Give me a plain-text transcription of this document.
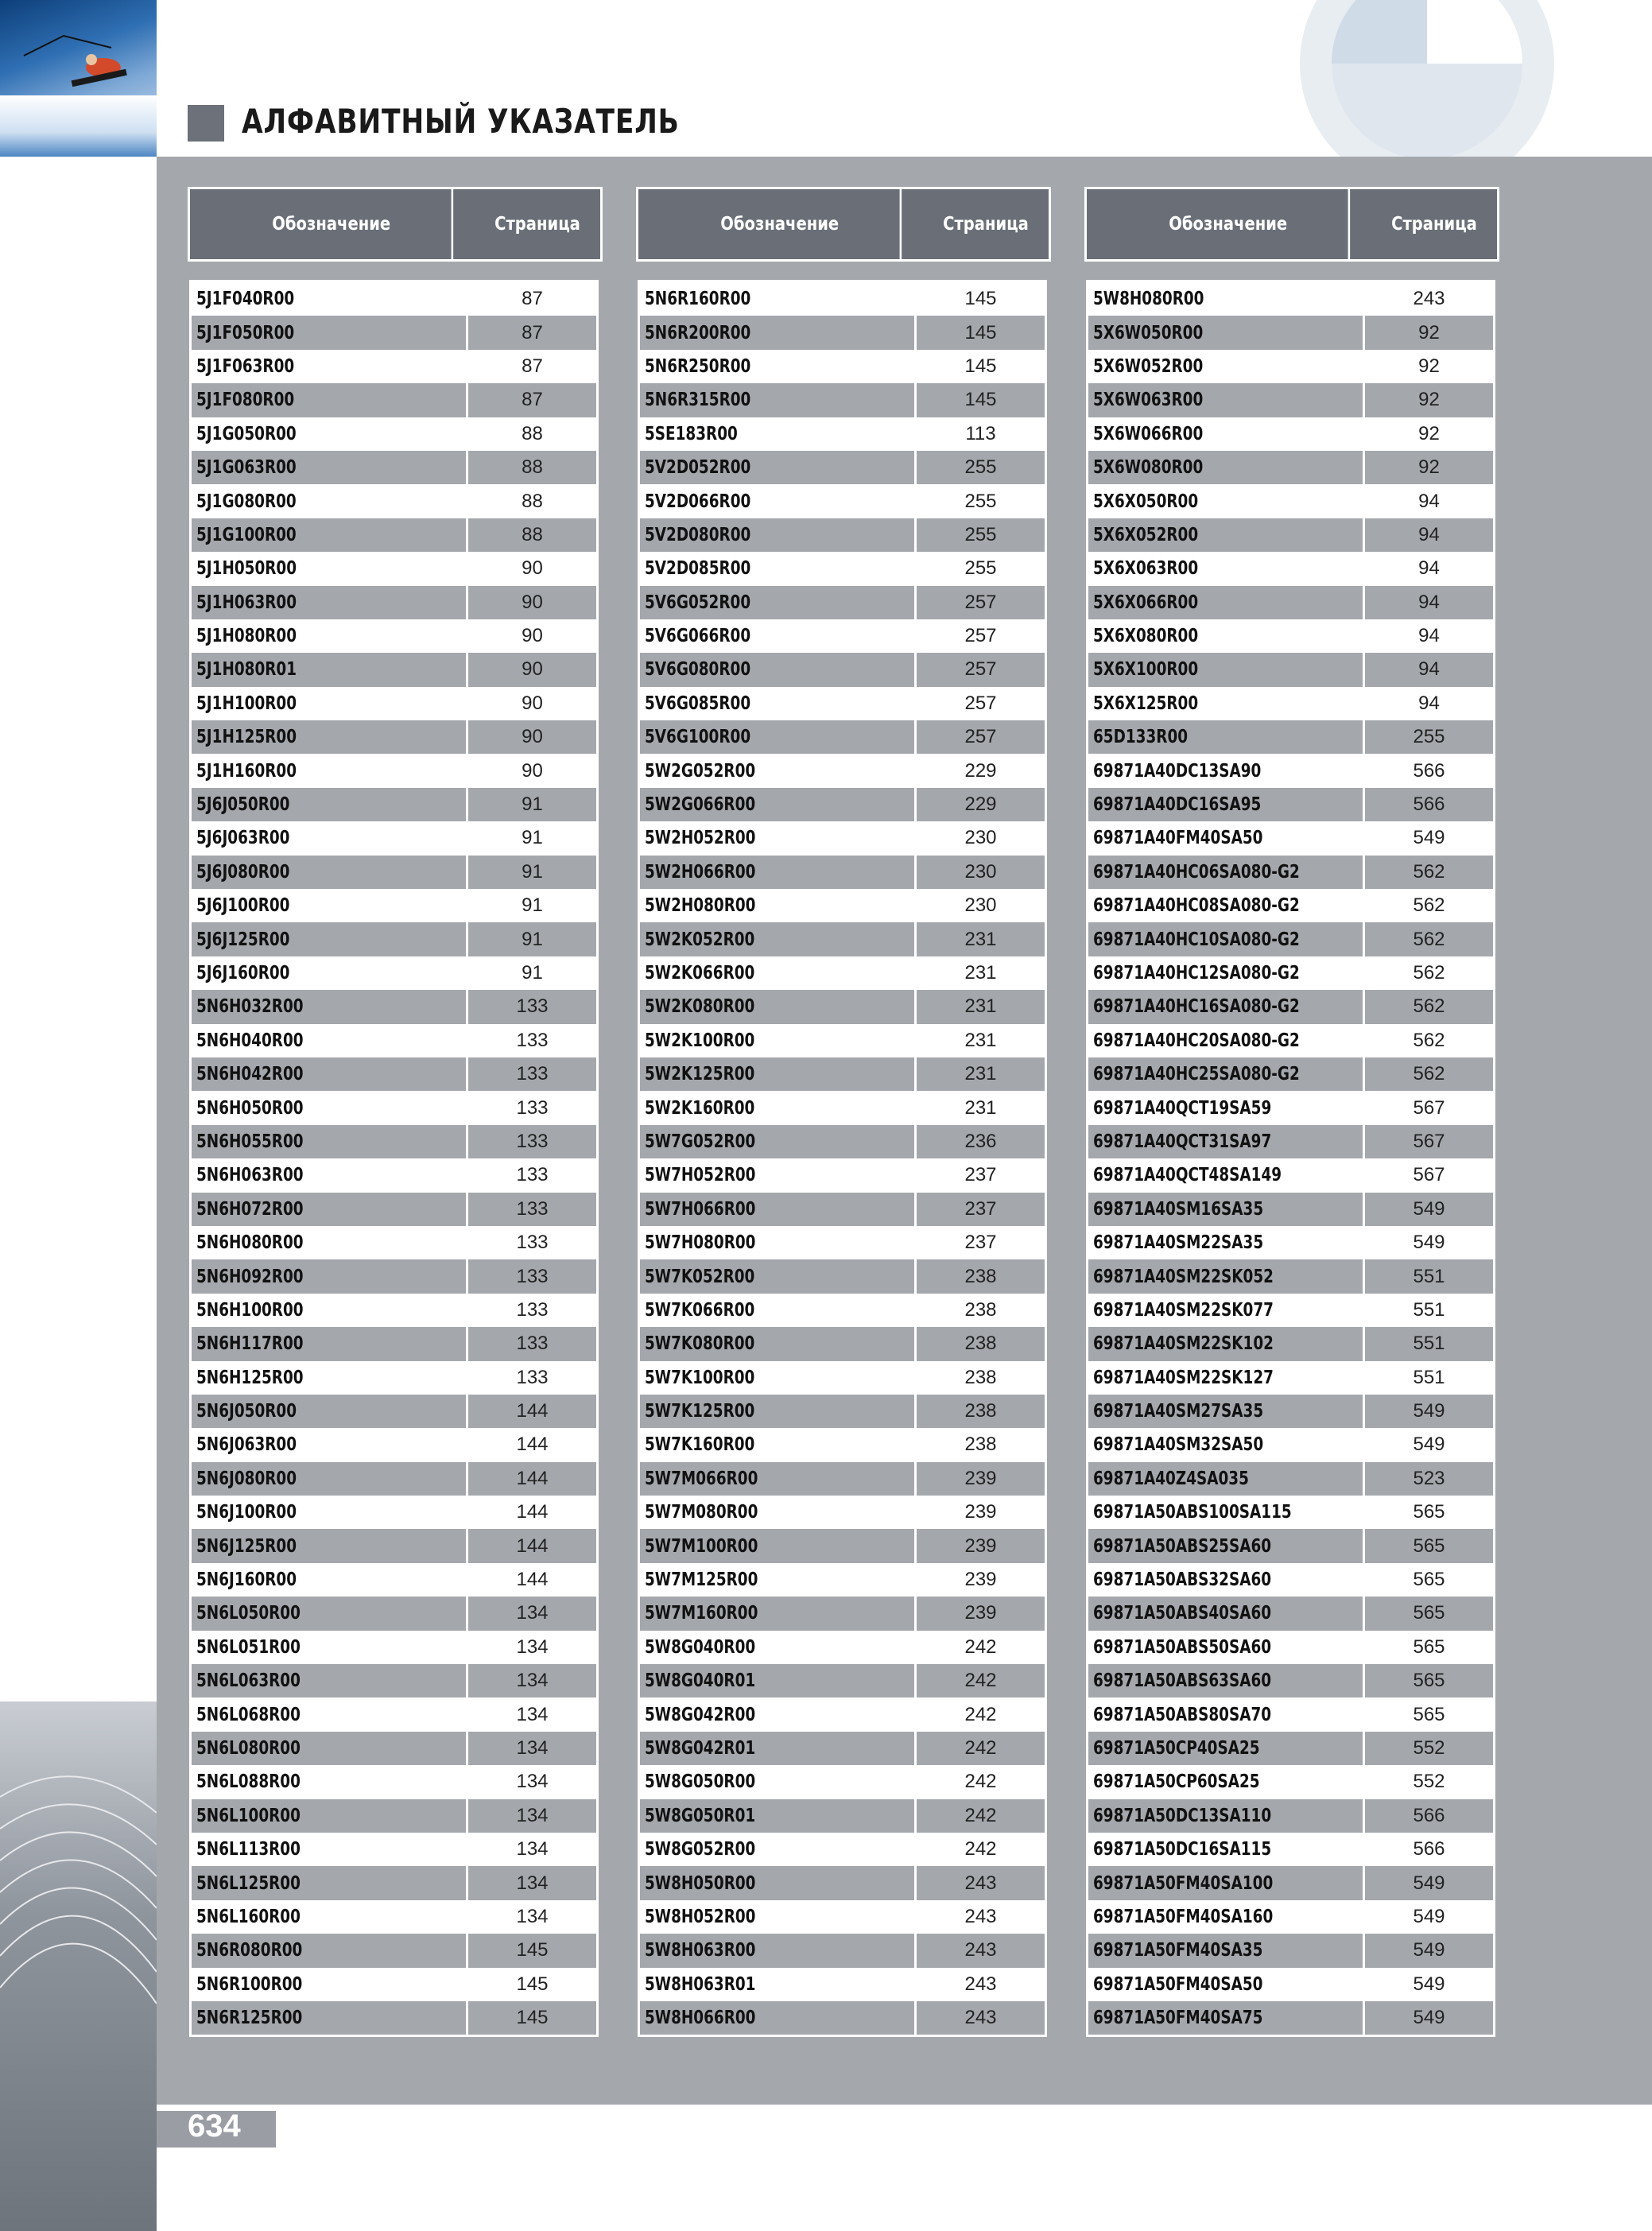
АЛФАВИТНЫЙ УКАЗАТЕЛЬ
Обозначение	Страница
5J1F040R00	87
5J1F050R00	87
5J1F063R00	87
5J1F080R00	87
5J1G050R00	88
5J1G063R00	88
5J1G080R00	88
5J1G100R00	88
5J1H050R00	90
5J1H063R00	90
5J1H080R00	90
5J1H080R01	90
5J1H100R00	90
5J1H125R00	90
5J1H160R00	90
5J6J050R00	91
5J6J063R00	91
5J6J080R00	91
5J6J100R00	91
5J6J125R00	91
5J6J160R00	91
5N6H032R00	133
5N6H040R00	133
5N6H042R00	133
5N6H050R00	133
5N6H055R00	133
5N6H063R00	133
5N6H072R00	133
5N6H080R00	133
5N6H092R00	133
5N6H100R00	133
5N6H117R00	133
5N6H125R00	133
5N6J050R00	144
5N6J063R00	144
5N6J080R00	144
5N6J100R00	144
5N6J125R00	144
5N6J160R00	144
5N6L050R00	134
5N6L051R00	134
5N6L063R00	134
5N6L068R00	134
5N6L080R00	134
5N6L088R00	134
5N6L100R00	134
5N6L113R00	134
5N6L125R00	134
5N6L160R00	134
5N6R080R00	145
5N6R100R00	145
5N6R125R00	145
Обозначение	Страница
5N6R160R00	145
5N6R200R00	145
5N6R250R00	145
5N6R315R00	145
5SE183R00	113
5V2D052R00	255
5V2D066R00	255
5V2D080R00	255
5V2D085R00	255
5V6G052R00	257
5V6G066R00	257
5V6G080R00	257
5V6G085R00	257
5V6G100R00	257
5W2G052R00	229
5W2G066R00	229
5W2H052R00	230
5W2H066R00	230
5W2H080R00	230
5W2K052R00	231
5W2K066R00	231
5W2K080R00	231
5W2K100R00	231
5W2K125R00	231
5W2K160R00	231
5W7G052R00	236
5W7H052R00	237
5W7H066R00	237
5W7H080R00	237
5W7K052R00	238
5W7K066R00	238
5W7K080R00	238
5W7K100R00	238
5W7K125R00	238
5W7K160R00	238
5W7M066R00	239
5W7M080R00	239
5W7M100R00	239
5W7M125R00	239
5W7M160R00	239
5W8G040R00	242
5W8G040R01	242
5W8G042R00	242
5W8G042R01	242
5W8G050R00	242
5W8G050R01	242
5W8G052R00	242
5W8H050R00	243
5W8H052R00	243
5W8H063R00	243
5W8H063R01	243
5W8H066R00	243
Обозначение	Страница
5W8H080R00	243
5X6W050R00	92
5X6W052R00	92
5X6W063R00	92
5X6W066R00	92
5X6W080R00	92
5X6X050R00	94
5X6X052R00	94
5X6X063R00	94
5X6X066R00	94
5X6X080R00	94
5X6X100R00	94
5X6X125R00	94
65D133R00	255
69871A40DC13SA90	566
69871A40DC16SA95	566
69871A40FM40SA50	549
69871A40HC06SA080-G2	562
69871A40HC08SA080-G2	562
69871A40HC10SA080-G2	562
69871A40HC12SA080-G2	562
69871A40HC16SA080-G2	562
69871A40HC20SA080-G2	562
69871A40HC25SA080-G2	562
69871A40QCT19SA59	567
69871A40QCT31SA97	567
69871A40QCT48SA149	567
69871A40SM16SA35	549
69871A40SM22SA35	549
69871A40SM22SK052	551
69871A40SM22SK077	551
69871A40SM22SK102	551
69871A40SM22SK127	551
69871A40SM27SA35	549
69871A40SM32SA50	549
69871A40Z4SA035	523
69871A50ABS100SA115	565
69871A50ABS25SA60	565
69871A50ABS32SA60	565
69871A50ABS40SA60	565
69871A50ABS50SA60	565
69871A50ABS63SA60	565
69871A50ABS80SA70	565
69871A50CP40SA25	552
69871A50CP60SA25	552
69871A50DC13SA110	566
69871A50DC16SA115	566
69871A50FM40SA100	549
69871A50FM40SA160	549
69871A50FM40SA35	549
69871A50FM40SA50	549
69871A50FM40SA75	549
634
